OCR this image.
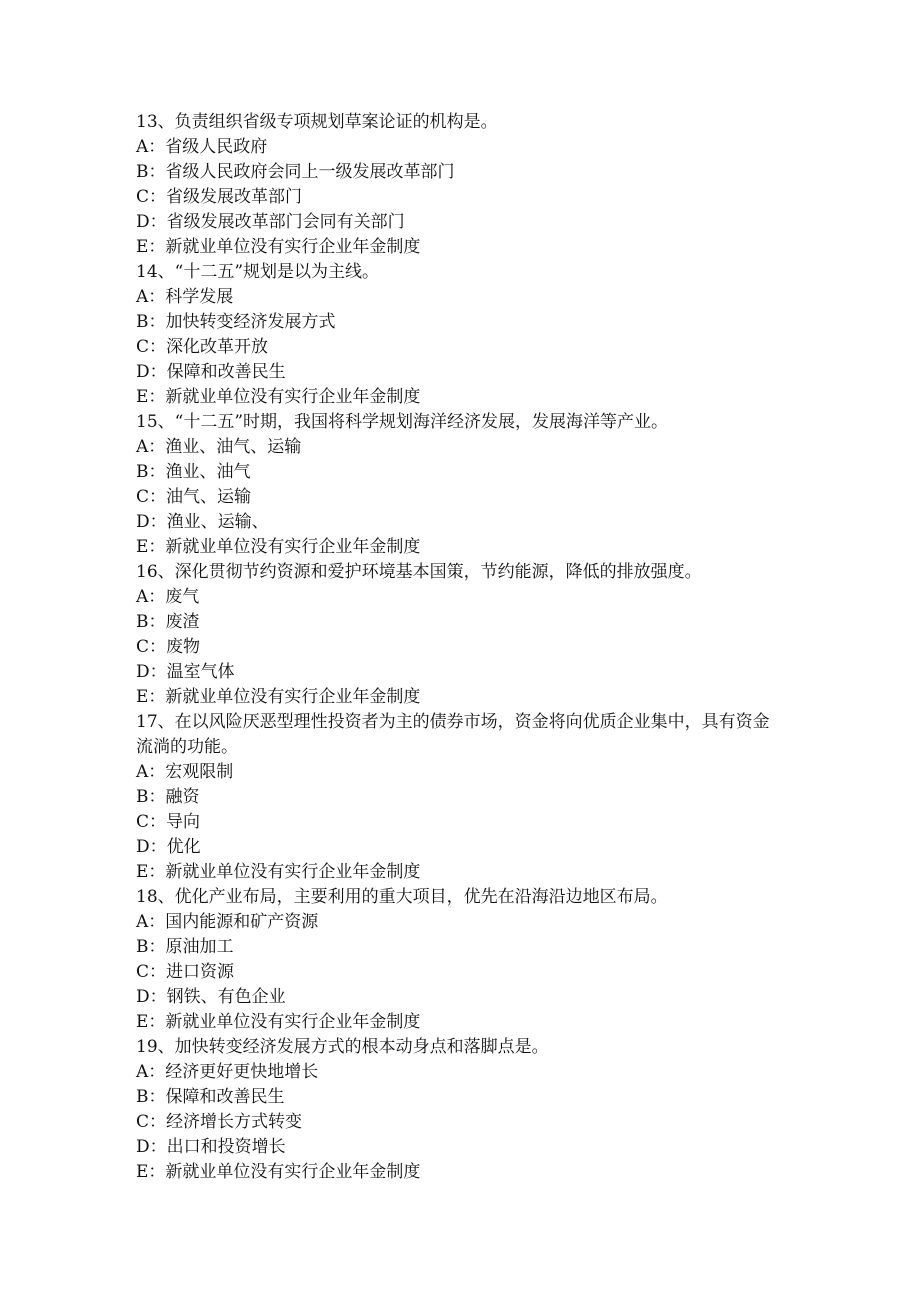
13、负责组织省级专项规划草案论证的机构是。
A：省级人民政府
B：省级人民政府会同上一级发展改革部门
C：省级发展改革部门
D：省级发展改革部门会同有关部门
E：新就业单位没有实行企业年金制度
14、“十二五”规划是以为主线。
A：科学发展
B：加快转变经济发展方式
C：深化改革开放
D：保障和改善民生
E：新就业单位没有实行企业年金制度
15、“十二五”时期，我国将科学规划海洋经济发展，发展海洋等产业。
A：渔业、油气、运输
B：渔业、油气
C：油气、运输
D：渔业、运输、
E：新就业单位没有实行企业年金制度
16、深化贯彻节约资源和爱护环境基本国策，节约能源，降低的排放强度。
A：废气
B：废渣
C：废物
D：温室气体
E：新就业单位没有实行企业年金制度
17、在以风险厌恶型理性投资者为主的债券市场，资金将向优质企业集中，具有资金流淌的功能。
A：宏观限制
B：融资
C：导向
D：优化
E：新就业单位没有实行企业年金制度
18、优化产业布局，主要利用的重大项目，优先在沿海沿边地区布局。
A：国内能源和矿产资源
B：原油加工
C：进口资源
D：钢铁、有色企业
E：新就业单位没有实行企业年金制度
19、加快转变经济发展方式的根本动身点和落脚点是。
A：经济更好更快地增长
B：保障和改善民生
C：经济增长方式转变
D：出口和投资增长
E：新就业单位没有实行企业年金制度
